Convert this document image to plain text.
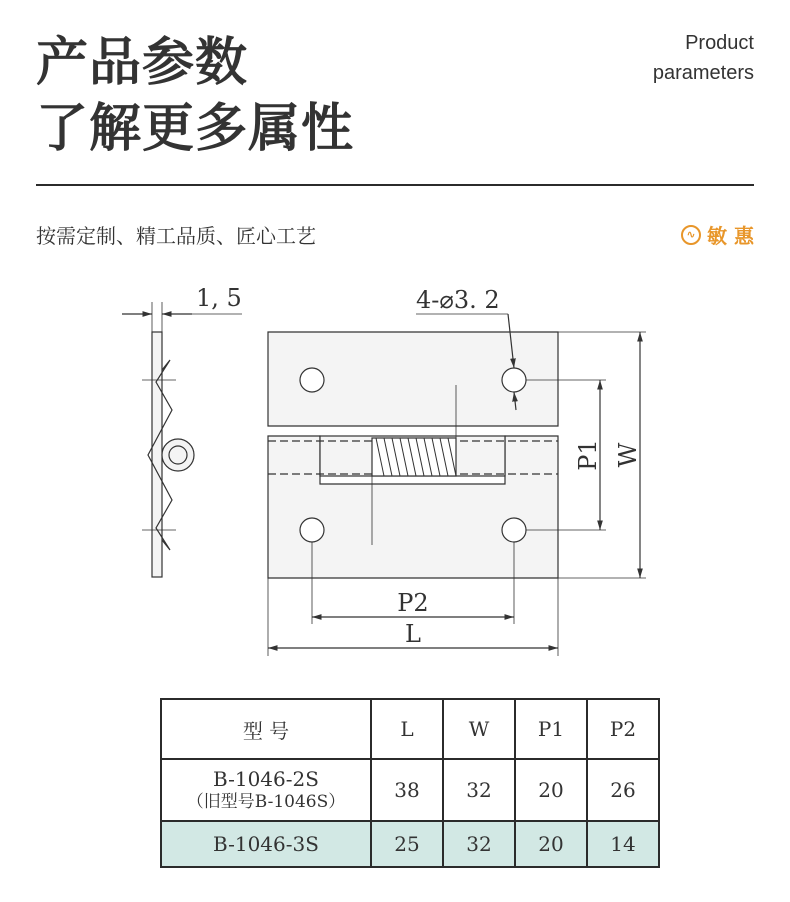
产品参数
了解更多属性
Product
parameters
按需定制、精工品质、匠心工艺	∿ 敏 惠
1, 5	4-⌀3. 2
P1 W
P2
L
型 号	L	W	P1	P2

B-1046-2S
（旧型号B-1046S）	38	32	20	26
B-1046-3S	25	32	20	14
